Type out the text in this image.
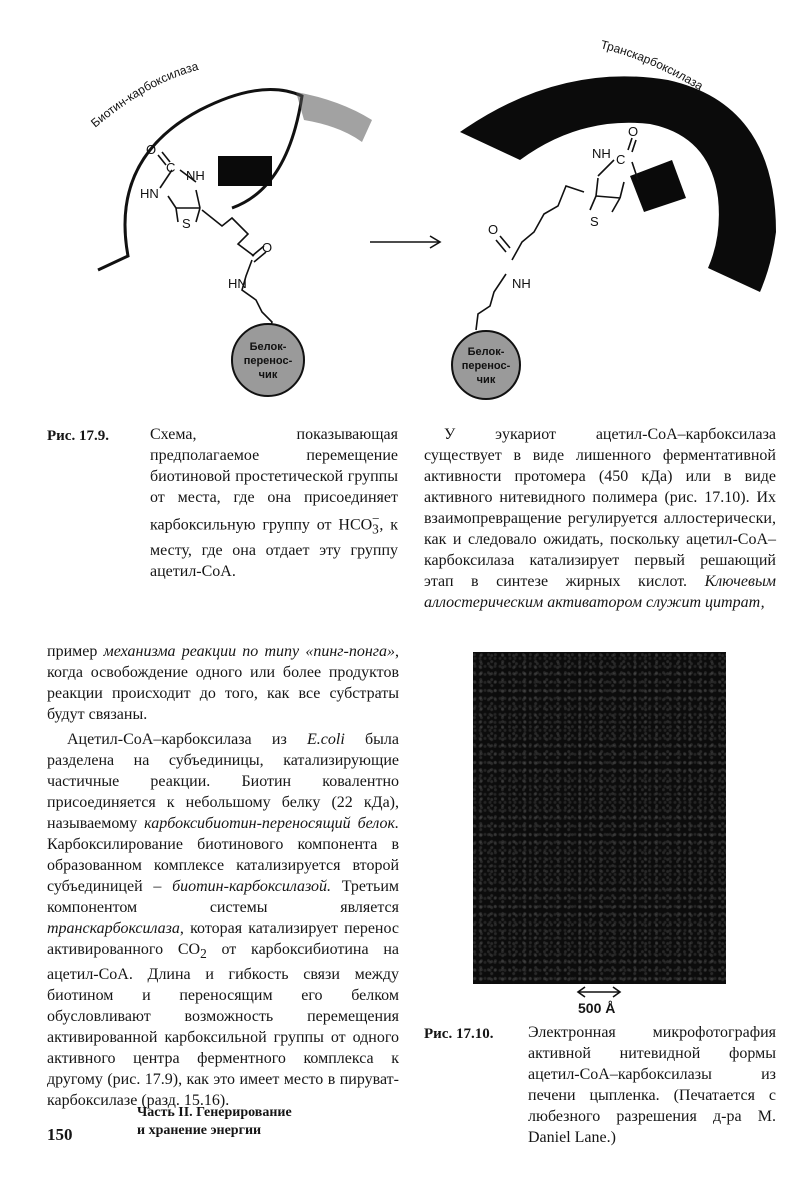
Биотин-карбоксилаза
O
C
NH
HN
S
O
HN
Белок-
перенос-
чик
Транскарбоксилаза
O
NH C
S
O
NH
Белок-
перенос-
чик
Рис. 17.9.	Схема, показывающая предполагаемое перемещение биотиновой простетической группы от места, где она присоединяет карбоксильную группу от $HCO_3^-$, к месту, где она отдает эту группу ацетил-CoA.
У эукариот ацетил-CoA–карбоксилаза существует в виде лишенного ферментативной активности протомера (450 кДа) или в виде активного нитевидного полимера (рис. 17.10). Их взаимопревращение регулируется аллостерически, как и следовало ожидать, поскольку ацетил-CoA–карбоксилаза катализирует первый решающий этап в синтезе жирных кислот. Ключевым аллостерическим активатором служит цитрат,

пример механизма реакции по типу «пинг-понга», когда освобождение одного или более продуктов реакции происходит до того, как все субстраты будут связаны.

Ацетил-CoA–карбоксилаза из E.coli была разделена на субъединицы, катализирующие частичные реакции. Биотин ковалентно присоединяется к небольшому белку (22 кДа), называемому карбоксибиотин-переносящий белок. Карбоксилирование биотинового компонента в образованном комплексе катализируется второй субъединицей – биотин-карбоксилазой. Третьим компонентом системы является транскарбоксилаза, которая катализирует перенос активированного $CO_2$ от карбоксибиотина на ацетил-CoA. Длина и гибкость связи между биотином и переносящим его белком обусловливают возможность перемещения активированной карбоксильной группы от одного активного центра ферментного комплекса к другому (рис. 17.9), как это имеет место в пируват-карбоксилазе (разд. 15.16).

500 Å
Рис. 17.10. Электронная микрофотография активной нитевидной формы ацетил-CoA–карбоксилазы из печени цыпленка. (Печатается с любезного разрешения д-ра M. Daniel Lane.)
150
Часть II. Генерирование
и хранение энергии
